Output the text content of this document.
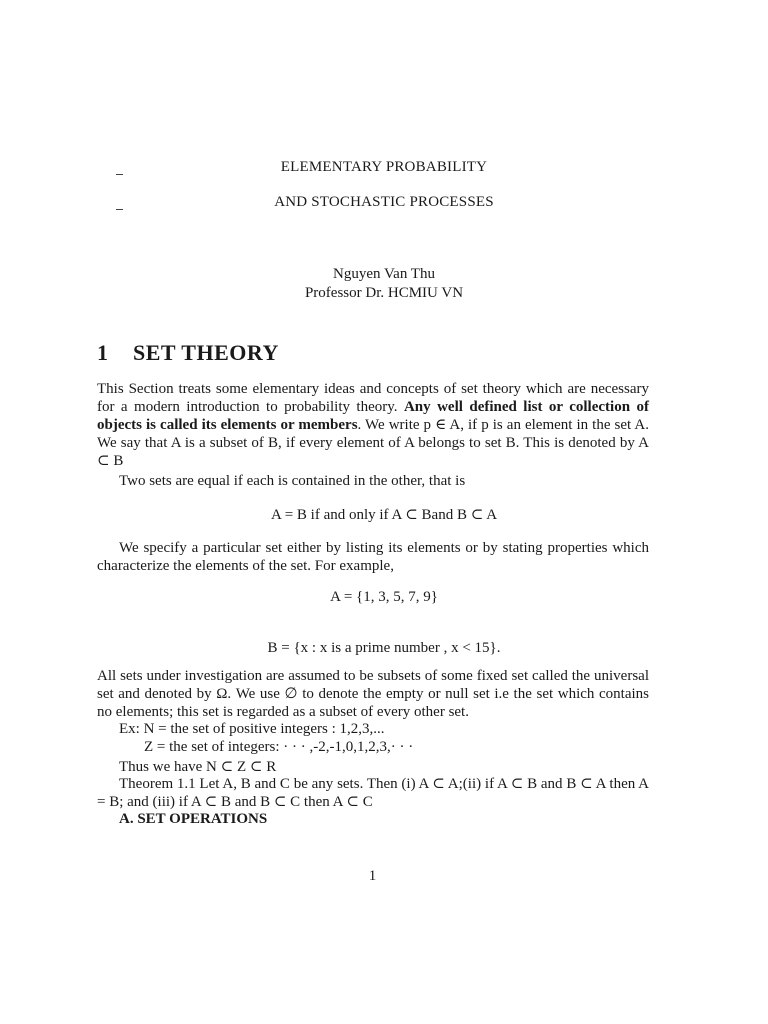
ELEMENTARY PROBABILITY
AND STOCHASTIC PROCESSES
Nguyen Van Thu
Professor Dr. HCMIU VN
1 SET THEORY
This Section treats some elementary ideas and concepts of set theory which are necessary for a modern introduction to probability theory. Any well defined list or collection of objects is called its elements or members. We write p ∈ A, if p is an element in the set A. We say that A is a subset of B, if every element of A belongs to set B. This is denoted by A ⊂ B
Two sets are equal if each is contained in the other, that is
A = B if and only if A ⊂ Band B ⊂ A
We specify a particular set either by listing its elements or by stating properties which characterize the elements of the set. For example,
A = {1, 3, 5, 7, 9}
B = {x : x is a prime number , x < 15}.
All sets under investigation are assumed to be subsets of some fixed set called the universal set and denoted by Ω. We use ∅ to denote the empty or null set i.e the set which contains no elements; this set is regarded as a subset of every other set.
Ex: N = the set of positive integers : 1,2,3,...
Z = the set of integers: · · · ,-2,-1,0,1,2,3,· · ·
Thus we have N ⊂ Z ⊂ R
Theorem 1.1 Let A, B and C be any sets. Then (i) A ⊂ A;(ii) if A ⊂ B and B ⊂ A then A = B; and (iii) if A ⊂ B and B ⊂ C then A ⊂ C
A. SET OPERATIONS
1
